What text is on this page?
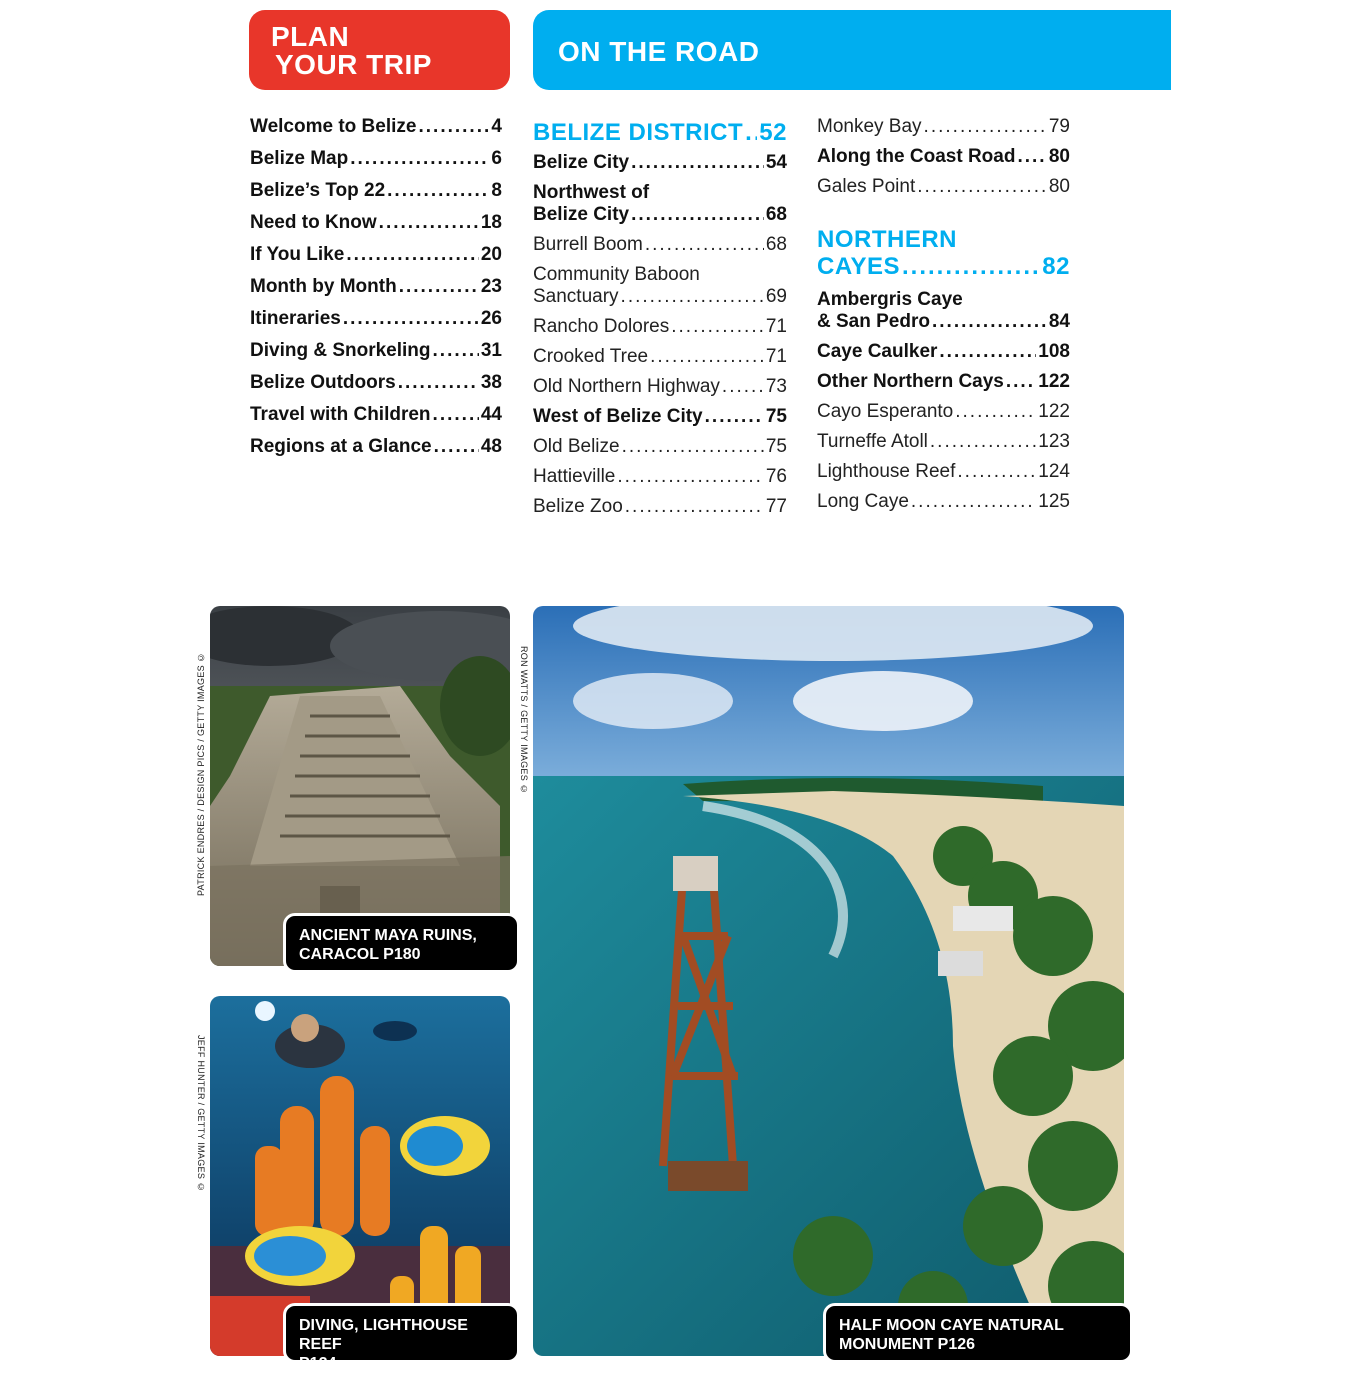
PLAN
YOUR TRIP	ON THE ROAD
Welcome to Belize .....	4
Belize Map .....	6
Belize’s Top 22 .....	8
Need to Know .....	18
If You Like .....	20
Month by Month .....	23
Itineraries .....	26
Diving & Snorkeling .....	31
Belize Outdoors .....	38
Travel with Children .....	44
Regions at a Glance .....	48
BELIZE DISTRICT ..... 52
Belize City .....	54
Northwest of
Belize City .....	68
Burrell Boom .....	68
Community Baboon
Sanctuary .....	69
Rancho Dolores .....	71
Crooked Tree .....	71
Old Northern Highway ..... 73
West of Belize City .....	75
Old Belize .....	75
Hattieville .....	76
Belize Zoo .....	77
Monkey Bay .....	79
Along the Coast Road ..... 80
Gales Point .....	80
NORTHERN
CAYES .....	82
Ambergris Caye
& San Pedro .....	84
Caye Caulker .....	108
Other Northern Cays ..... 122
Cayo Esperanto .....	122
Turneffe Atoll .....	123
Lighthouse Reef .....	124
Long Caye .....	125
PATRICK ENDRES / DESIGN PICS / GETTY IMAGES ©
JEFF HUNTER / GETTY IMAGES ©
RON WATTS / GETTY IMAGES ©
ANCIENT MAYA RUINS,
CARACOL P180
DIVING, LIGHTHOUSE REEF
P124
HALF MOON CAYE NATURAL
MONUMENT P126
